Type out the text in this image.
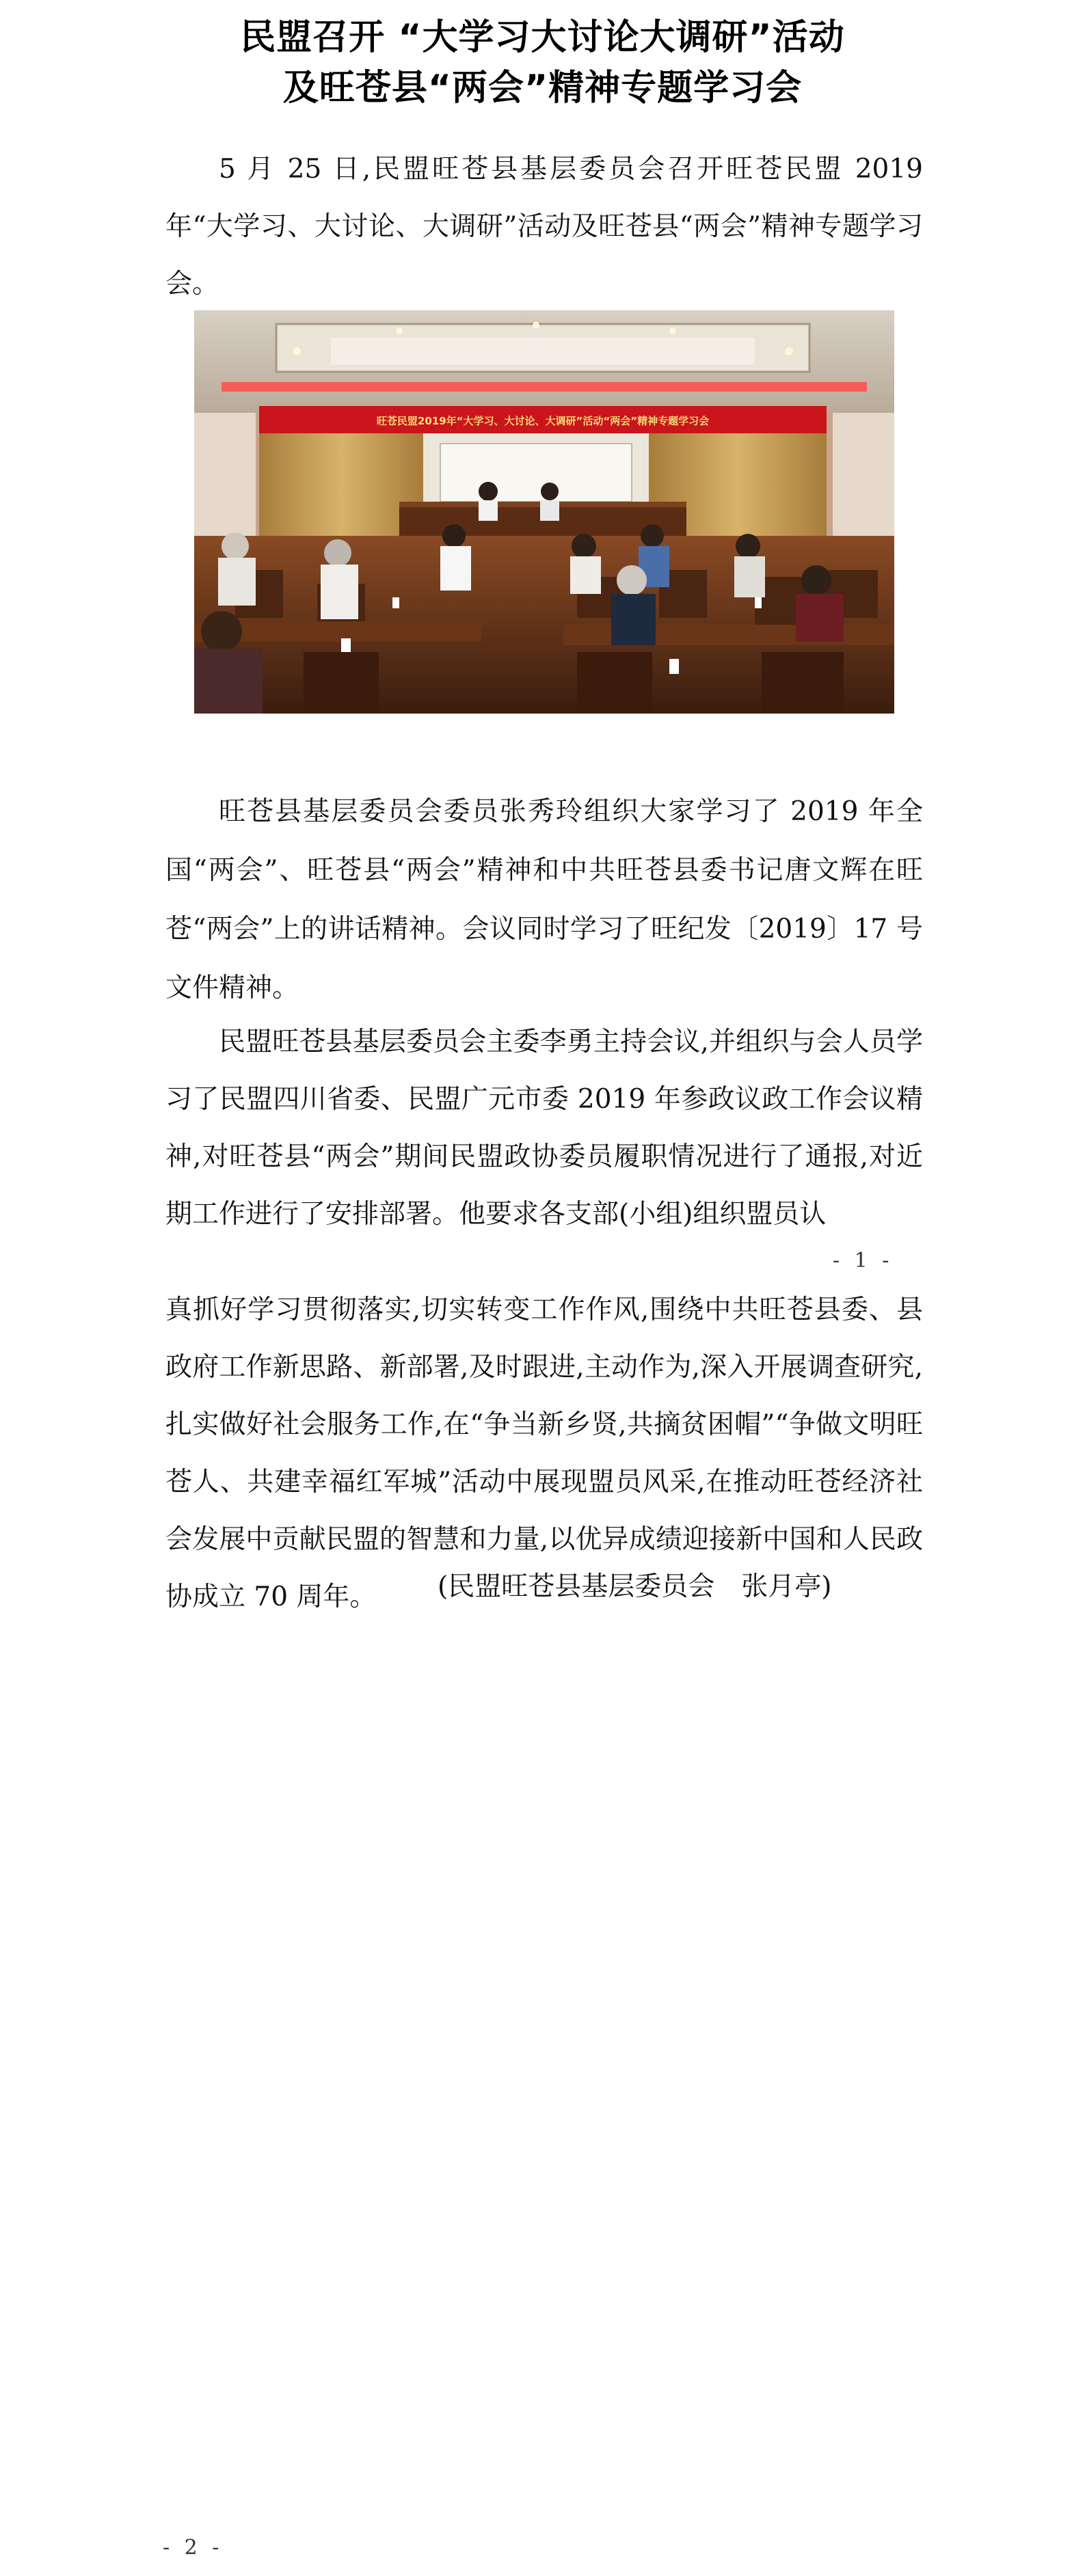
民盟召开 “大学习大讨论大调研”活动
及旺苍县“两会”精神专题学习会

5 月 25 日,民盟旺苍县基层委员会召开旺苍民盟 2019 年“大学习、大讨论、大调研”活动及旺苍县“两会”精神专题学习会。

旺苍民盟2019年“大学习、大讨论、大调研”活动“两会”精神专题学习会

旺苍县基层委员会委员张秀玲组织大家学习了 2019 年全国“两会”、旺苍县“两会”精神和中共旺苍县委书记唐文辉在旺苍“两会”上的讲话精神。会议同时学习了旺纪发〔2019〕17 号文件精神。

民盟旺苍县基层委员会主委李勇主持会议,并组织与会人员学习了民盟四川省委、民盟广元市委 2019 年参政议政工作会议精神,对旺苍县“两会”期间民盟政协委员履职情况进行了通报,对近期工作进行了安排部署。他要求各支部(小组)组织盟员认

- 1 -

真抓好学习贯彻落实,切实转变工作作风,围绕中共旺苍县委、县政府工作新思路、新部署,及时跟进,主动作为,深入开展调查研究,扎实做好社会服务工作,在“争当新乡贤,共摘贫困帽”“争做文明旺苍人、共建幸福红军城”活动中展现盟员风采,在推动旺苍经济社会发展中贡献民盟的智慧和力量,以优异成绩迎接新中国和人民政协成立 70 周年。	(民盟旺苍县基层委员会　张月亭)
- 2 -
